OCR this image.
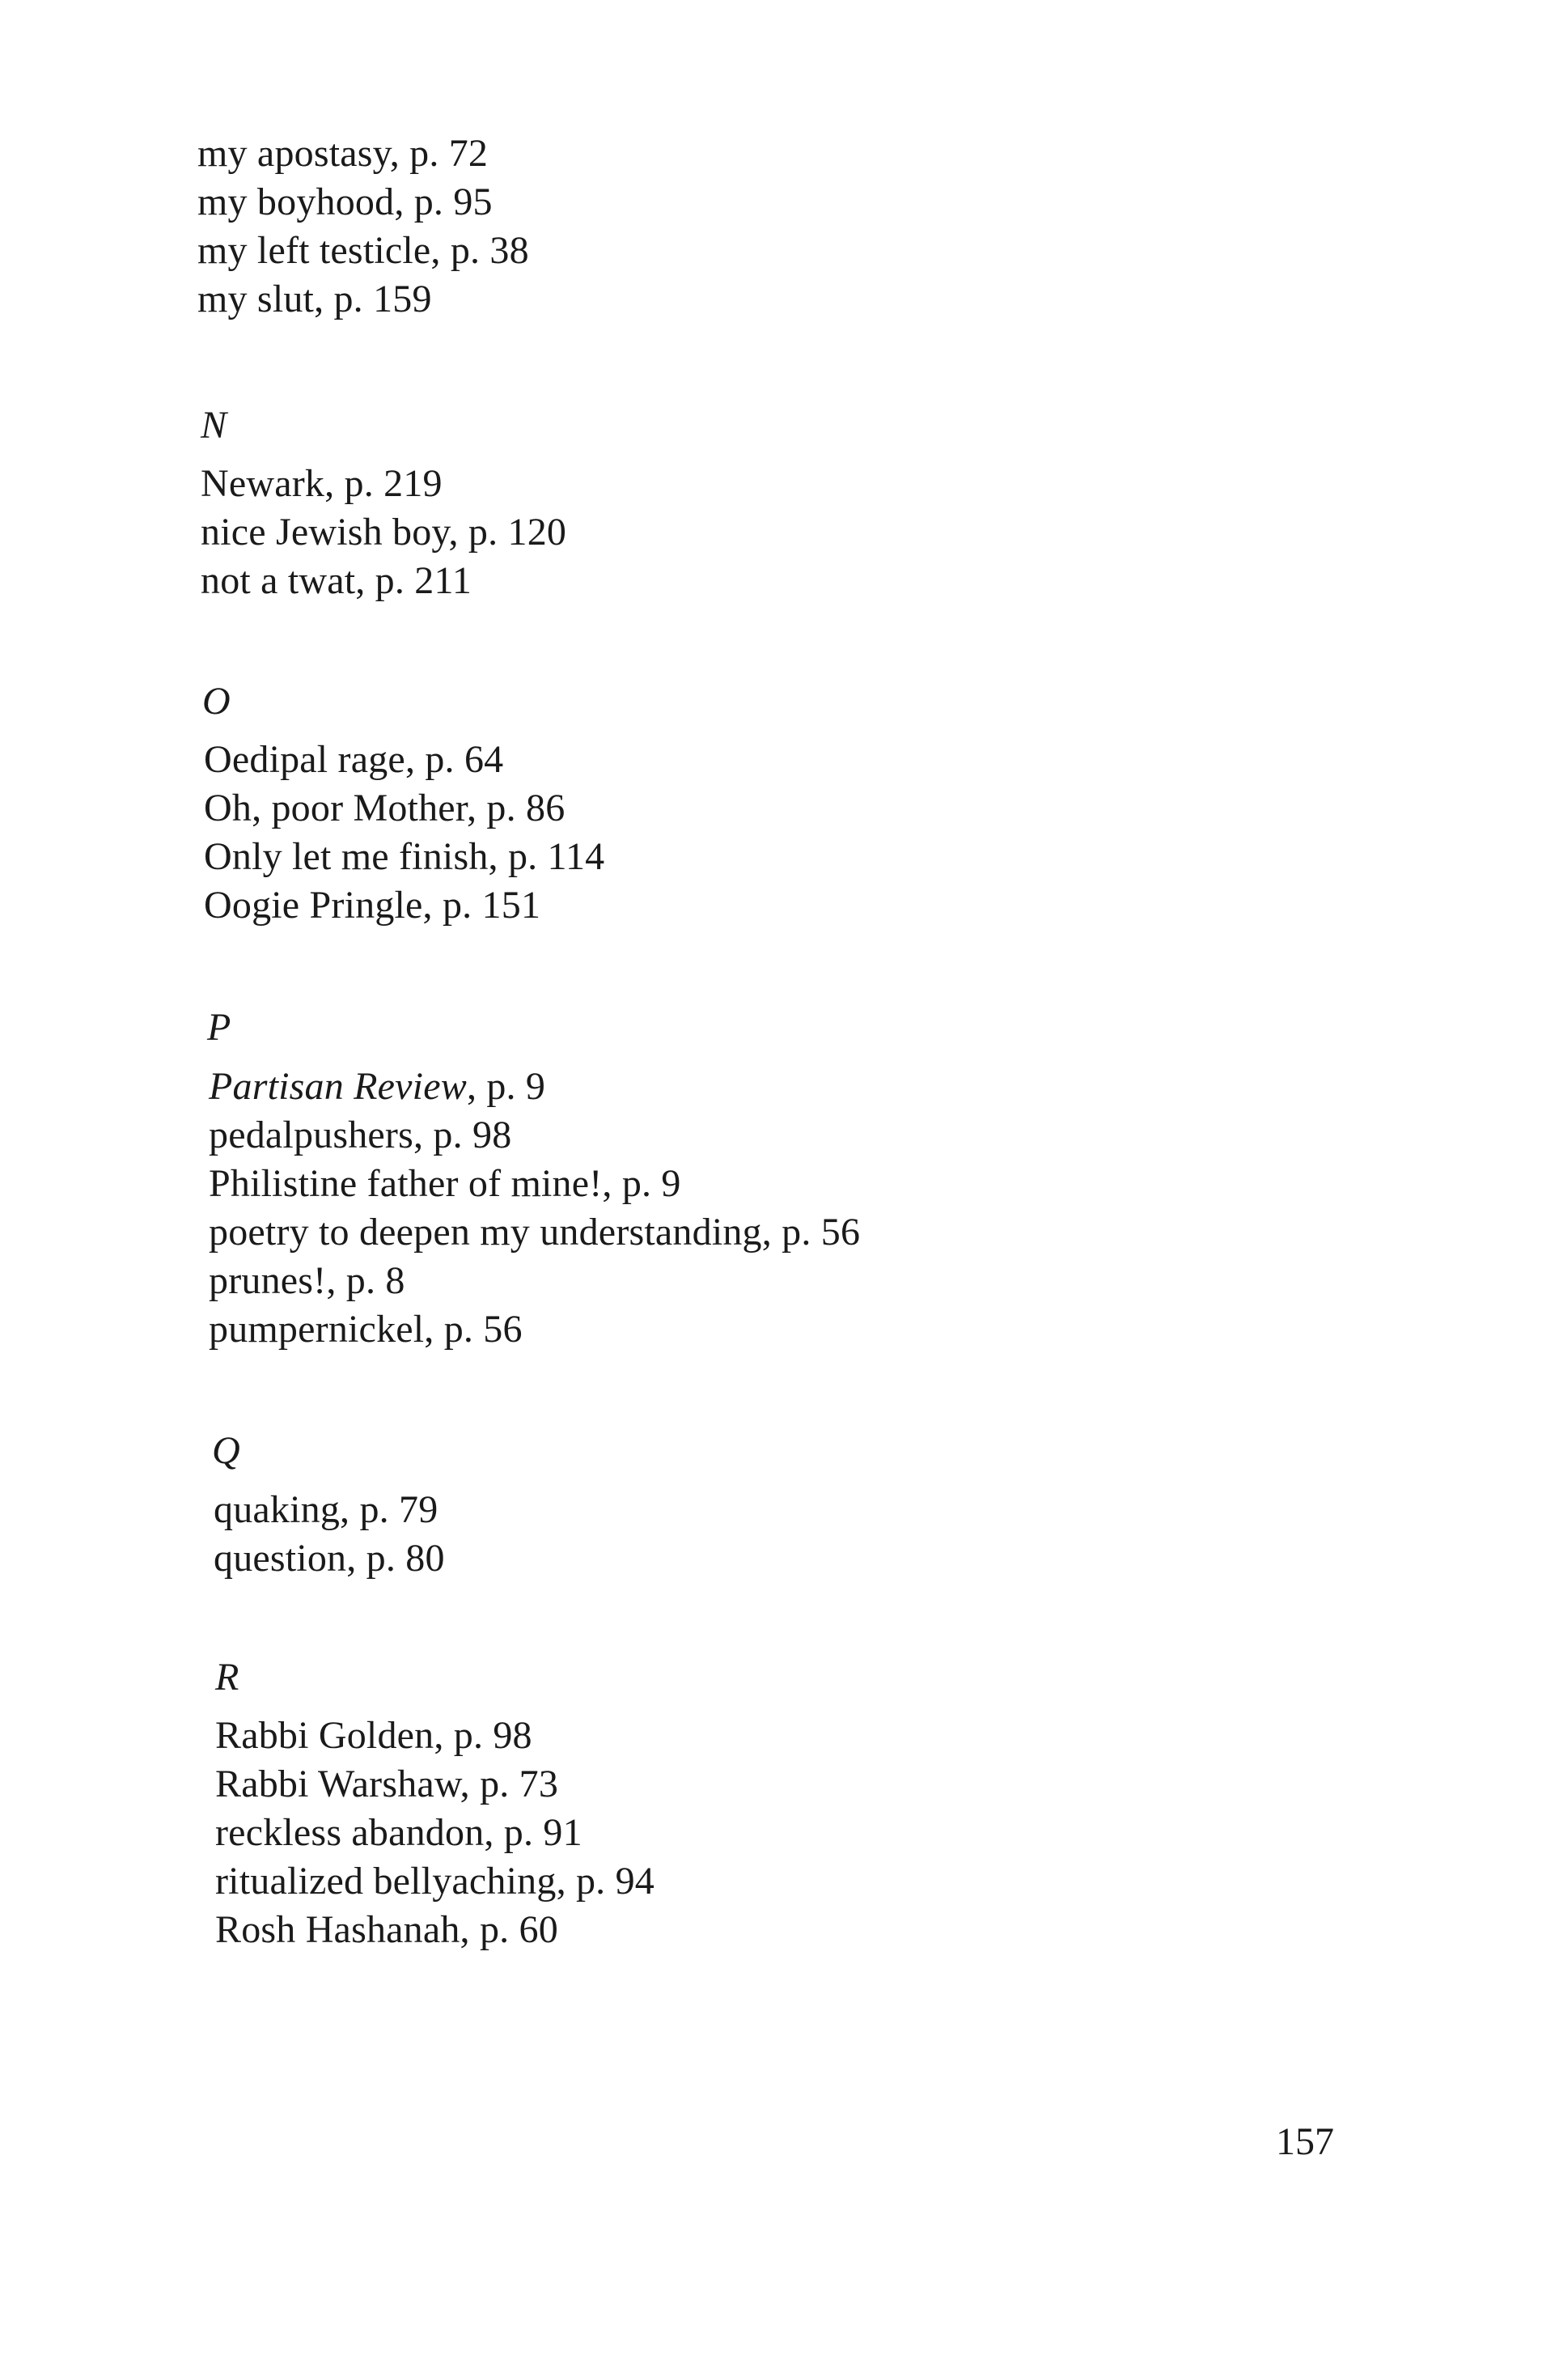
my apostasy, p. 72
my boyhood, p. 95
my left testicle, p. 38
my slut, p. 159
N
Newark, p. 219
nice Jewish boy, p. 120
not a twat, p. 211
O
Oedipal rage, p. 64
Oh, poor Mother, p. 86
Only let me finish, p. 114
Oogie Pringle, p. 151
P
Partisan Review, p. 9
pedalpushers, p. 98
Philistine father of mine!, p. 9
poetry to deepen my understanding, p. 56
prunes!, p. 8
pumpernickel, p. 56
Q
quaking, p. 79
question, p. 80
R
Rabbi Golden, p. 98
Rabbi Warshaw, p. 73
reckless abandon, p. 91
ritualized bellyaching, p. 94
Rosh Hashanah, p. 60
157
